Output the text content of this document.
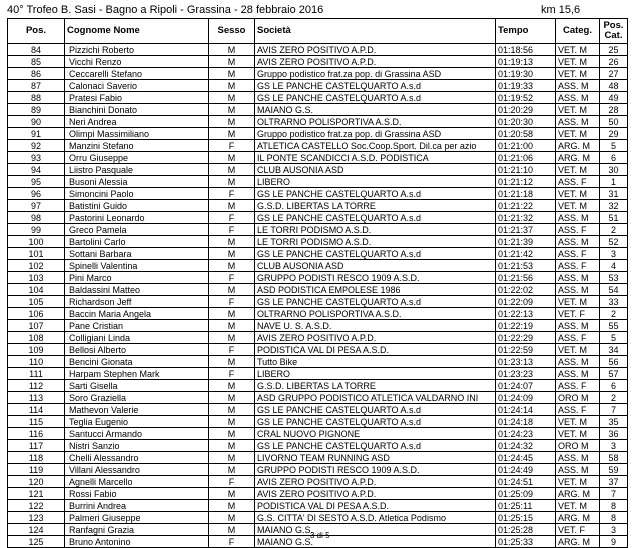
40° Trofeo B. Sasi - Bagno a Ripoli - Grassina - 28 febbraio 2016	km 15,6
Pos.	Cognome Nome	Sesso	Società	Tempo	Categ.	Pos.
Cat.
84	Pizzichi Roberto	M	AVIS ZERO POSITIVO A.P.D.	01:18:56	VET. M	25
85	Vicchi Renzo	M	AVIS ZERO POSITIVO A.P.D.	01:19:13	VET. M	26
86	Ceccarelli Stefano	M	Gruppo podistico frat.za pop. di Grassina ASD	01:19:30	VET. M	27
87	Calonaci Saverio	M	GS LE PANCHE CASTELQUARTO A.s.d	01:19:33	ASS. M	48
88	Pratesi Fabio	M	GS LE PANCHE CASTELQUARTO A.s.d	01:19:52	ASS. M	49
89	Bianchini Donato	M	MAIANO G.S.	01:20:29	VET. M	28
90	Neri Andrea	M	OLTRARNO POLISPORTIVA A.S.D.	01:20:30	ASS. M	50
91	Olimpi Massimiliano	M	Gruppo podistico frat.za pop. di Grassina ASD	01:20:58	VET. M	29
92	Manzini Stefano	F	ATLETICA CASTELLO Soc.Coop.Sport. Dil.ca per azio	01:21:00	ARG. M	5
93	Orru Giuseppe	M	IL PONTE SCANDICCI A.S.D. PODISTICA	01:21:06	ARG. M	6
94	Liistro Pasquale	M	CLUB AUSONIA ASD	01:21:10	VET. M	30
95	Busoni Alessia	M	LIBERO	01:21:12	ASS. F	1
96	Simoncini Paolo	F	GS LE PANCHE CASTELQUARTO A.s.d	01:21:18	VET. M	31
97	Batistini Guido	M	G.S.D. LIBERTAS LA TORRE	01:21:22	VET. M	32
98	Pastorini Leonardo	F	GS LE PANCHE CASTELQUARTO A.s.d	01:21:32	ASS. M	51
99	Greco Pamela	F	LE TORRI PODISMO A.S.D.	01:21:37	ASS. F	2
100	Bartolini Carlo	M	LE TORRI PODISMO A.S.D.	01:21:39	ASS. M	52
101	Sottani Barbara	M	GS LE PANCHE CASTELQUARTO A.s.d	01:21:42	ASS. F	3
102	Spinelli Valentina	M	CLUB AUSONIA ASD	01:21:53	ASS. F	4
103	Pini Marco	F	GRUPPO PODISTI RESCO 1909 A.S.D.	01:21:56	ASS. M	53
104	Baldassini Matteo	M	ASD PODISTICA EMPOLESE 1986	01:22:02	ASS. M	54
105	Richardson Jeff	F	GS LE PANCHE CASTELQUARTO A.s.d	01:22:09	VET. M	33
106	Baccin Maria Angela	M	OLTRARNO POLISPORTIVA A.S.D.	01:22:13	VET. F	2
107	Pane Cristian	M	NAVE U. S. A.S.D.	01:22:19	ASS. M	55
108	Colligiani Linda	M	AVIS ZERO POSITIVO A.P.D.	01:22:29	ASS. F	5
109	Bellosi Alberto	F	PODISTICA VAL DI PESA A.S.D.	01:22:59	VET. M	34
110	Bencini Gionata	M	Tutto Bike	01:23:13	ASS. M	56
111	Harpam Stephen Mark	F	LIBERO	01:23:23	ASS. M	57
112	Sarti Gisella	M	G.S.D. LIBERTAS LA TORRE	01:24:07	ASS. F	6
113	Soro Graziella	M	ASD GRUPPO PODISTICO ATLETICA VALDARNO INI	01:24:09	ORO M	2
114	Mathevon Valerie	M	GS LE PANCHE CASTELQUARTO A.s.d	01:24:14	ASS. F	7
115	Teglia Eugenio	M	GS LE PANCHE CASTELQUARTO A.s.d	01:24:18	VET. M	35
116	Santucci Armando	M	CRAL NUOVO PIGNONE	01:24:23	VET. M	36
117	Nistri Sanzio	M	GS LE PANCHE CASTELQUARTO A.s.d	01:24:32	ORO M	3
118	Chelli Alessandro	M	LIVORNO TEAM RUNNING ASD	01:24:45	ASS. M	58
119	Villani Alessandro	M	GRUPPO PODISTI RESCO 1909 A.S.D.	01:24:49	ASS. M	59
120	Agnelli Marcello	F	AVIS ZERO POSITIVO A.P.D.	01:24:51	VET. M	37
121	Rossi Fabio	M	AVIS ZERO POSITIVO A.P.D.	01:25:09	ARG. M	7
122	Burrini Andrea	M	PODISTICA VAL DI PESA A.S.D.	01:25:11	VET. M	8
123	Palmeri Giuseppe	M	G.S. CITTA' DI SESTO A.S.D. Atletica Podismo	01:25:15	ARG. M	8
124	Ranfagni Grazia	M	MAIANO G.S.	01:25:28	VET. F	3
125	Bruno Antonino	F	MAIANO G.S.	01:25:33	ARG. M	9
3 di 5
